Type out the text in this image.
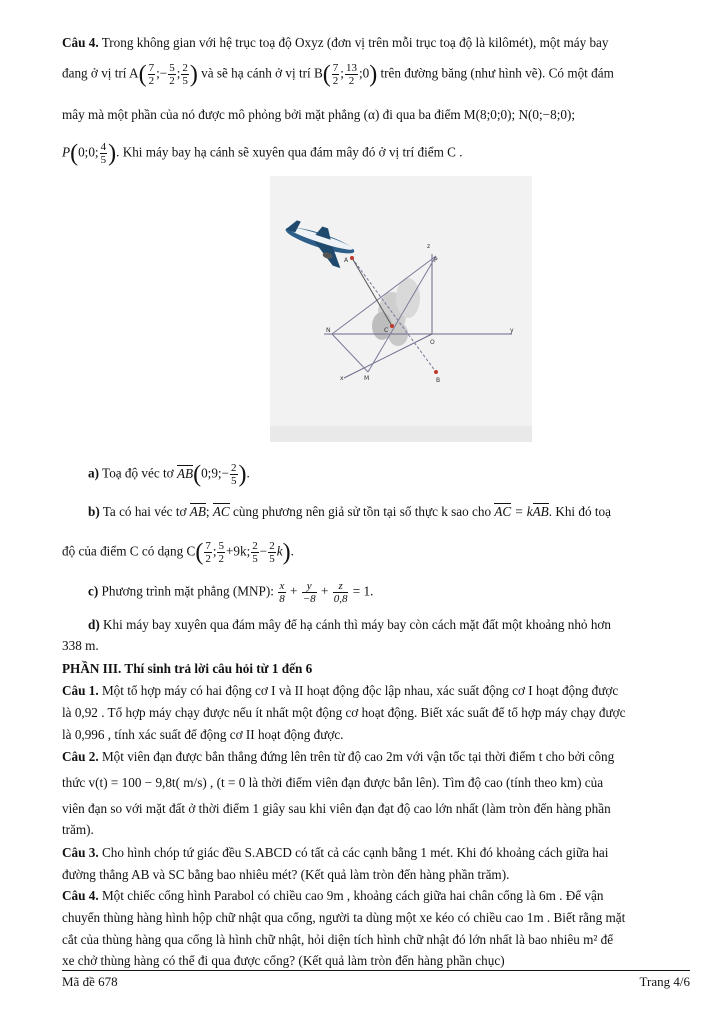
Câu 4. Trong không gian với hệ trục toạ độ Oxyz (đơn vị trên mỗi trục toạ độ là kilômét), một máy bay
đang ở vị trí $A( \frac{7}{2}$ ;− $\frac{5}{2}$ ; $\frac{2}{5}$ ) và sẽ hạ cánh ở vị trí $B( \frac{7}{2}$ ; $\frac{13}{2}$ ;0) trên đường băng (như hình vẽ). Có một đám
mây mà một phần của nó được mô phỏng bởi mặt phẳng (α) đi qua ba điểm M(8;0;0); N(0;−8;0);
P(0;0; $\frac{4}{5}$ ). Khi máy bay hạ cánh sẽ xuyên qua đám mây đó ở vị trí điểm C .
z
P
A
N
O
y
x	M	B
C
a) Toạ độ véc tơ AB(0;9;− $\frac{2}{5}$ ).
b) Ta có hai véc tơ AB; AC cùng phương nên giả sử tồn tại số thực k sao cho AC = kAB. Khi đó toạ
độ của điểm C có dạng $C( \frac{7}{2}$ ; $\frac{5}{2} +9k$; $\frac{2}{5} - \frac{2}{5} k$).
c) Phương trình mặt phẳng (MNP): $\frac{x}{8} + \frac{y}{-8} + \frac{z}{0,8} = 1$.
d) Khi máy bay xuyên qua đám mây để hạ cánh thì máy bay còn cách mặt đất một khoảng nhỏ hơn
338 m.
PHẦN III. Thí sinh trả lời câu hỏi từ 1 đến 6
Câu 1. Một tổ hợp máy có hai động cơ I và II hoạt động độc lập nhau, xác suất động cơ I hoạt động được
là 0,92 . Tổ hợp máy chạy được nếu ít nhất một động cơ hoạt động. Biết xác suất để tổ hợp máy chạy được
là 0,996 , tính xác suất để động cơ II hoạt động được.
Câu 2. Một viên đạn được bắn thẳng đứng lên trên từ độ cao 2m với vận tốc tại thời điểm t cho bởi công
thức v(t) = 100 − 9,8t( m/s) , (t = 0 là thời điểm viên đạn được bắn lên). Tìm độ cao (tính theo km) của
viên đạn so với mặt đất ở thời điểm 1 giây sau khi viên đạn đạt độ cao lớn nhất (làm tròn đến hàng phần
trăm).
Câu 3. Cho hình chóp tứ giác đều S.ABCD có tất cả các cạnh bằng 1 mét. Khi đó khoảng cách giữa hai
đường thẳng AB và SC bằng bao nhiêu mét? (Kết quả làm tròn đến hàng phần trăm).
Câu 4. Một chiếc cổng hình Parabol có chiều cao 9m , khoảng cách giữa hai chân cổng là 6m . Để vận
chuyển thùng hàng hình hộp chữ nhật qua cổng, người ta dùng một xe kéo có chiều cao 1m . Biết rằng mặt
cắt của thùng hàng qua cổng là hình chữ nhật, hỏi diện tích hình chữ nhật đó lớn nhất là bao nhiêu m² để
xe chở thùng hàng có thể đi qua được cổng? (Kết quả làm tròn đến hàng phần chục)
Mã đề 678	Trang 4/6
